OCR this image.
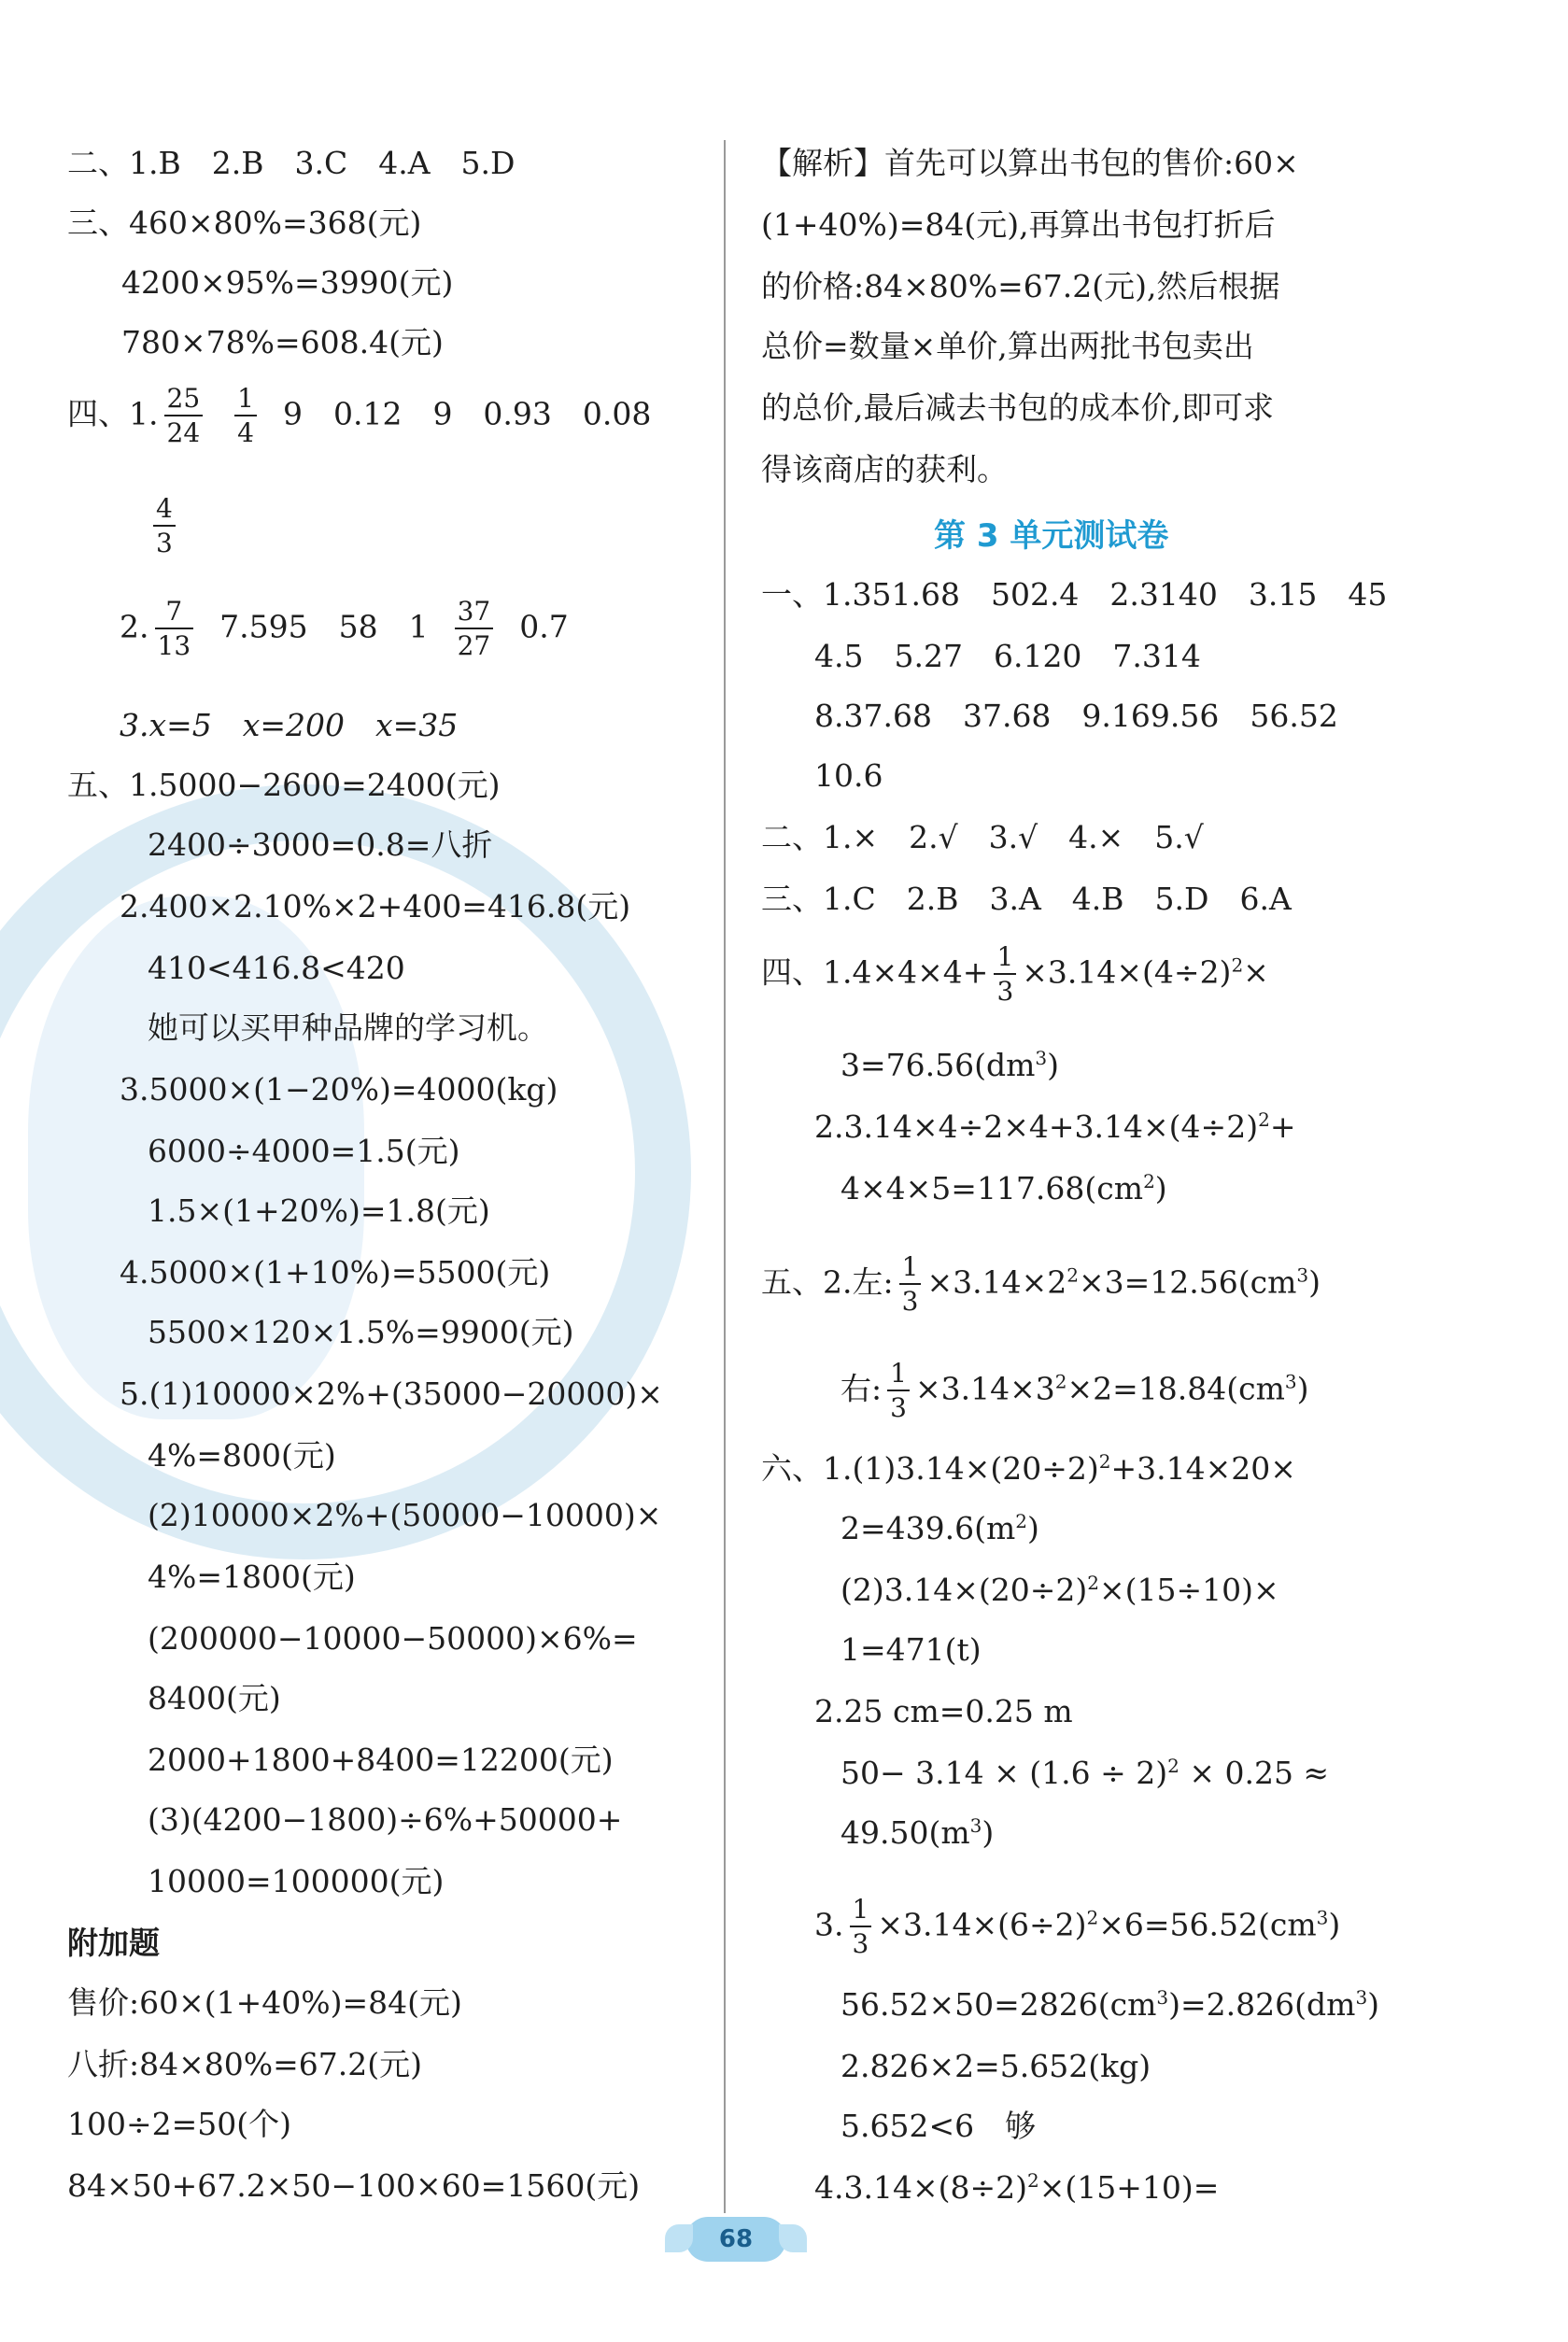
二、1.B　2.B　3.C　4.A　5.D
三、460×80%=368(元)
4200×95%=3990(元)
780×78%=608.4(元)
四、1. $\frac{25}{24} \frac{1}{4} 9$　0.12　9　0.93　0.08
$\frac{4}{3}$
2. $\frac{7}{13} 7.595$　58　$1 \frac{37}{27} 0.7$
3.x=5　x=200　x=35
五、1.5000−2600=2400(元)
2400÷3000=0.8=八折
2.400×2.10%×2+400=416.8(元)
410<416.8<420
她可以买甲种品牌的学习机。
3.5000×(1−20%)=4000(kg)
6000÷4000=1.5(元)
1.5×(1+20%)=1.8(元)
4.5000×(1+10%)=5500(元)
5500×120×1.5%=9900(元)
5.(1)10000×2%+(35000−20000)×
4%=800(元)
(2)10000×2%+(50000−10000)×
4%=1800(元)
(200000−10000−50000)×6%=
8400(元)
2000+1800+8400=12200(元)
(3)(4200−1800)÷6%+50000+
10000=100000(元)
附加题
售价:60×(1+40%)=84(元)
八折:84×80%=67.2(元)
100÷2=50(个)
84×50+67.2×50−100×60=1560(元)
【解析】首先可以算出书包的售价:60×
(1+40%)=84(元),再算出书包打折后
的价格:84×80%=67.2(元),然后根据
总价=数量×单价,算出两批书包卖出
的总价,最后减去书包的成本价,即可求
得该商店的获利。
第 3 单元测试卷
一、1.351.68　502.4　2.3140　3.15　45
4.5　5.27　6.120　7.314
8.37.68　37.68　9.169.56　56.52
10.6
二、1.×　2.√　3.√　4.×　5.√
三、1.C　2.B　3.A　4.B　5.D　6.A
四、$1.4\times 4\times 4+ \frac{1}{3} \times 3.14\times(4\div 2)^2\times$
$3=76.56(dm^3)$
$2.3.14\times 4\div 2\times 4+3.14\times(4\div 2)^2+$
$4\times 4\times 5=117.68(cm^2)$
五、2.左: $\frac{1}{3} \times 3.14\times 2^2\times 3=12.56(cm^3)$
右: $\frac{1}{3} \times 3.14\times 3^2\times 2=18.84(cm^3)$
六、$1.(1)3.14\times(20\div 2)^2+3.14\times 20\times$
$2=439.6(m^2)$
$(2)3.14\times(20\div 2)^2\times(15\div 10)\times$
1=471(t)
2.25 cm=0.25 m
$50- 3.14 \times (1.6 \div 2)^2 \times 0.25$ ≈
$49.50(m^3)$
3. $\frac{1}{3} \times 3.14\times(6\div 2)^2\times 6=56.52(cm^3)$
$56.52\times 50=2826(cm^3)=2.826(dm^3)$
2.826×2=5.652(kg)
5.652<6　够
$4.3.14\times(8\div 2)^2\times(15+10)=$
68
